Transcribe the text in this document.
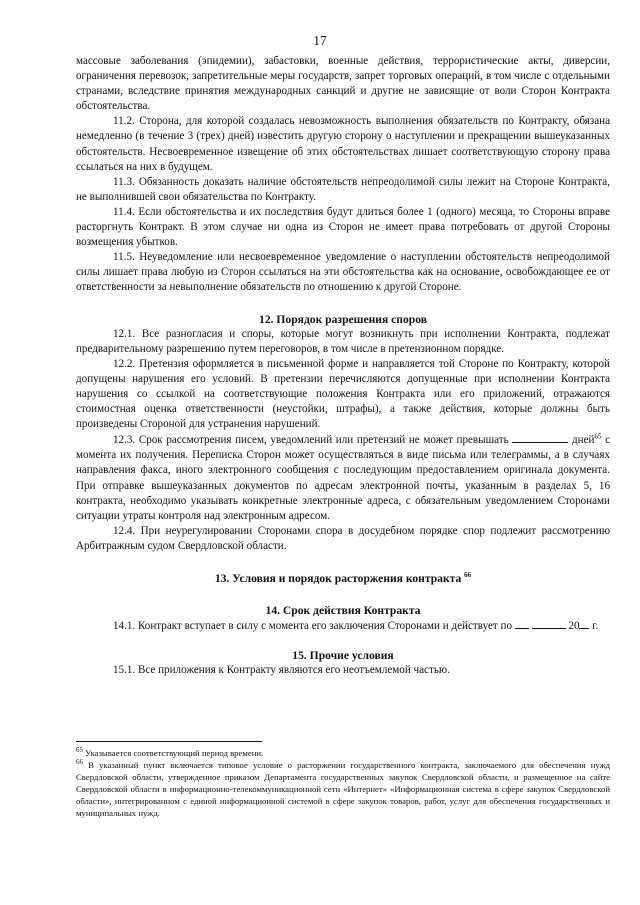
17

массовые заболевания (эпидемии), забастовки, военные действия, террористические акты, диверсии, ограничения перевозок, запретительные меры государств, запрет торговых операций, в том числе с отдельными странами, вследствие принятия международных санкций и другие не зависящие от воли Сторон Контракта обстоятельства.

11.2. Сторона, для которой создалась невозможность выполнения обязательств по Контракту, обязана немедленно (в течение 3 (трех) дней) известить другую сторону о наступлении и прекращении вышеуказанных обстоятельств. Несвоевременное извещение об этих обстоятельствах лишает соответствующую сторону права ссылаться на них в будущем.

11.3. Обязанность доказать наличие обстоятельств непреодолимой силы лежит на Стороне Контракта, не выполнившей свои обязательства по Контракту.

11.4. Если обстоятельства и их последствия будут длиться более 1 (одного) месяца, то Стороны вправе расторгнуть Контракт. В этом случае ни одна из Сторон не имеет права потребовать от другой Стороны возмещения убытков.

11.5. Неуведомление или несвоевременное уведомление о наступлении обстоятельств непреодолимой силы лишает права любую из Сторон ссылаться на эти обстоятельства как на основание, освобождающее ее от ответственности за невыполнение обязательств по отношению к другой Стороне.

12. Порядок разрешения споров

12.1. Все разногласия и споры, которые могут возникнуть при исполнении Контракта, подлежат предварительному разрешению путем переговоров, в том числе в претензионном порядке.

12.2. Претензия оформляется в письменной форме и направляется той Стороне по Контракту, которой допущены нарушения его условий. В претензии перечисляются допущенные при исполнении Контракта нарушения со ссылкой на соответствующие положения Контракта или его приложений, отражаются стоимостная оценка ответственности (неустойки, штрафы), а также действия, которые должны быть произведены Стороной для устранения нарушений.

12.3. Срок рассмотрения писем, уведомлений или претензий не может превышать	дней$^{65}$ с момента их получения. Переписка Сторон может осуществляться в виде письма или телеграммы, а в случаях направления факса, иного электронного сообщения с последующим предоставлением оригинала документа. При отправке вышеуказанных документов по адресам электронной почты, указанным в разделах 5, 16 контракта, необходимо указывать конкретные электронные адреса, с обязательным уведомлением Сторонами ситуации утраты контроля над электронным адресом.

12.4. При неурегулировании Сторонами спора в досудебном порядке спор подлежит рассмотрению Арбитражным судом Свердловской области.

13. Условия и порядок расторжения контракта $^{66}$

14. Срок действия Контракта

14.1. Контракт вступает в силу с момента его заключения Сторонами и действует по	20 г.

15. Прочие условия

15.1. Все приложения к Контракту являются его неотъемлемой частью.

$^{65}$ Указывается соответствующий период времени.

$^{66}$ В указанный пункт включается типовое условие о расторжении государственного контракта, заключаемого для обеспечения нужд Свердловской области, утвержденное приказом Департамента государственных закупок Свердловской области, и размещенное на сайте Свердловской области в информационно-телекоммуникационной сети «Интернет» «Информационная система в сфере закупок Свердловской области», интегрированном с единой информационной системой в сфере закупок товаров, работ, услуг для обеспечения государственных и муниципальных нужд.
